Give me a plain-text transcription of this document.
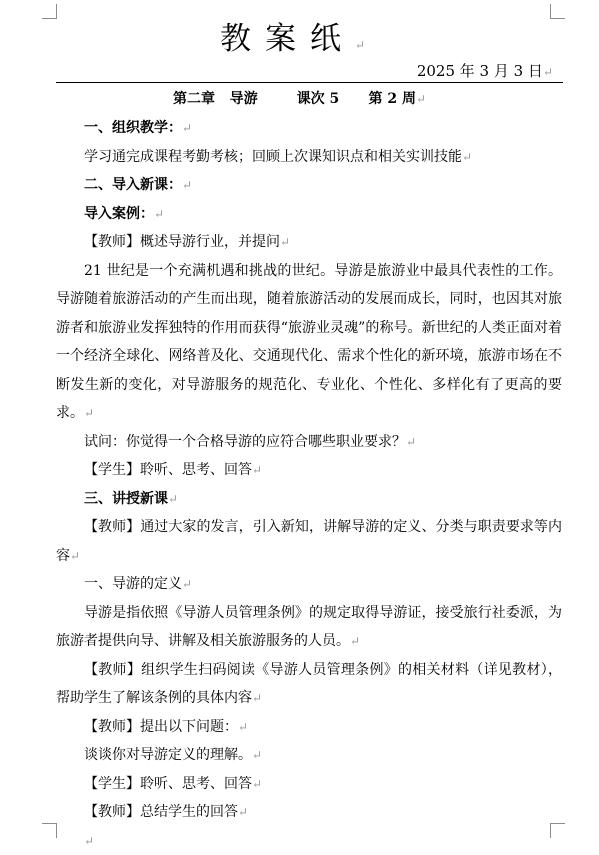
教案纸↵
2025 年 3 月 3 日↵
第二章 导游	课次 5 第 2 周↵

一、组织教学：↵

学习通完成课程考勤考核；回顾上次课知识点和相关实训技能↵

二、导入新课：↵

导入案例：↵

【教师】概述导游行业，并提问↵

21 世纪是一个充满机遇和挑战的世纪。导游是旅游业中最具代表性的工作。导游随着旅游活动的产生而出现，随着旅游活动的发展而成长，同时，也因其对旅游者和旅游业发挥独特的作用而获得“旅游业灵魂”的称号。新世纪的人类正面对着一个经济全球化、网络普及化、交通现代化、需求个性化的新环境，旅游市场在不断发生新的变化，对导游服务的规范化、专业化、个性化、多样化有了更高的要求。↵

试问：你觉得一个合格导游的应符合哪些职业要求？↵

【学生】聆听、思考、回答↵

三、讲授新课↵

【教师】通过大家的发言，引入新知，讲解导游的定义、分类与职责要求等内容↵

一、导游的定义↵

导游是指依照《导游人员管理条例》的规定取得导游证，接受旅行社委派，为旅游者提供向导、讲解及相关旅游服务的人员。↵

【教师】组织学生扫码阅读《导游人员管理条例》的相关材料（详见教材），帮助学生了解该条例的具体内容↵

【教师】提出以下问题：↵

谈谈你对导游定义的理解。↵

【学生】聆听、思考、回答↵

【教师】总结学生的回答↵

↵
